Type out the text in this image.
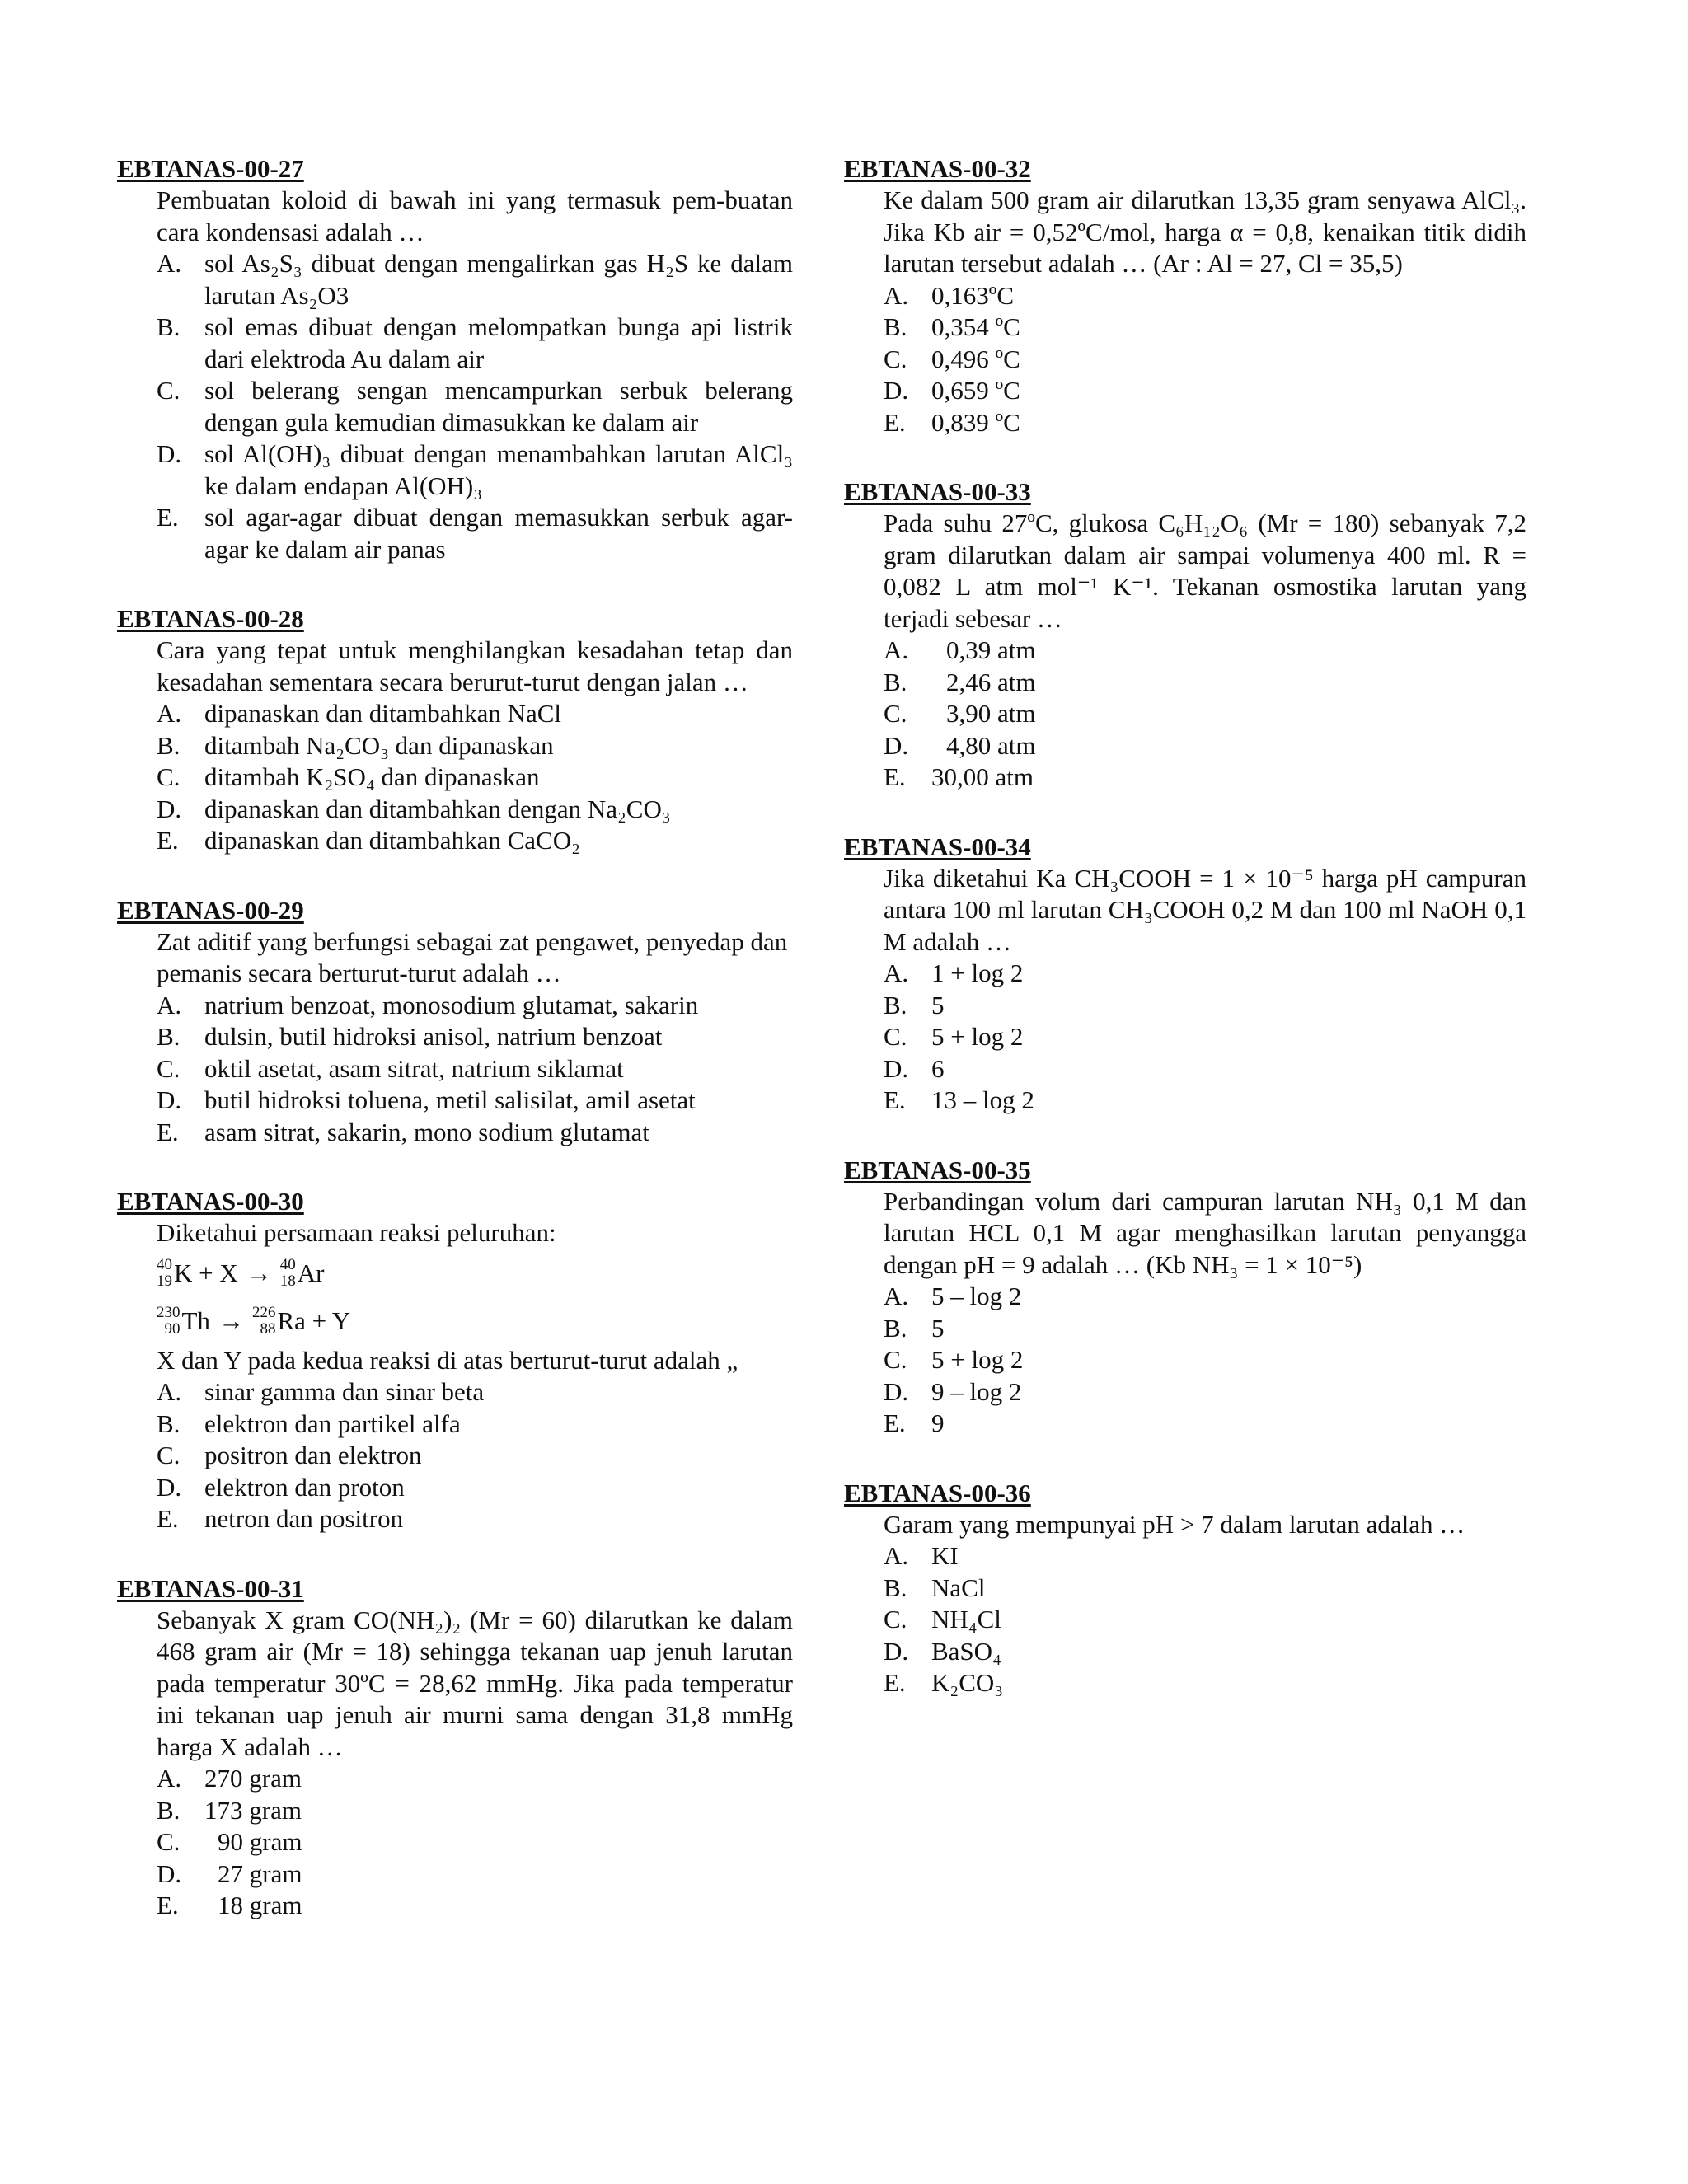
EBTANAS-00-27
Pembuatan koloid di bawah ini yang termasuk pem-buatan cara kondensasi adalah …
A. sol As₂S₃ dibuat dengan mengalirkan gas H₂S ke dalam larutan As₂O3
B. sol emas dibuat dengan melompatkan bunga api listrik dari elektroda Au dalam air
C. sol belerang sengan mencampurkan serbuk belerang dengan gula kemudian dimasukkan ke dalam air
D. sol Al(OH)₃ dibuat dengan menambahkan larutan AlCl₃ ke dalam endapan Al(OH)₃
E.	sol agar-agar dibuat dengan memasukkan serbuk agar-agar ke dalam air panas
EBTANAS-00-28
Cara yang tepat untuk menghilangkan kesadahan tetap dan kesadahan sementara secara berurut-turut dengan jalan …
A. dipanaskan dan ditambahkan NaCl
B. ditambah Na₂CO₃ dan dipanaskan
C. ditambah K₂SO₄ dan dipanaskan
D. dipanaskan dan ditambahkan dengan Na₂CO₃
E.	dipanaskan dan ditambahkan CaCO₂
EBTANAS-00-29
Zat aditif yang berfungsi sebagai zat pengawet, penyedap dan pemanis secara berturut-turut adalah …
A. natrium benzoat, monosodium glutamat, sakarin
B. dulsin, butil hidroksi anisol, natrium benzoat
C. oktil asetat, asam sitrat, natrium siklamat
D. butil hidroksi toluena, metil salisilat, amil asetat
E.	asam sitrat, sakarin, mono sodium glutamat
EBTANAS-00-30
Diketahui persamaan reaksi peluruhan:
40
19 K + X → 40
18 Ar
230
90 Th → 226
88 Ra + Y
X dan Y pada kedua reaksi di atas berturut-turut adalah „
A. sinar gamma dan sinar beta
B. elektron dan partikel alfa
C. positron dan elektron
D. elektron dan proton
E.	netron dan positron
EBTANAS-00-31
Sebanyak X gram CO(NH₂)₂ (Mr = 60) dilarutkan ke dalam 468 gram air (Mr = 18) sehingga tekanan uap jenuh larutan pada temperatur 30ºC = 28,62 mmHg. Jika pada temperatur ini tekanan uap jenuh air murni sama dengan 31,8 mmHg harga X adalah …
A. 270 gram
B. 173 gram
C.	90 gram
D.	27 gram
E.	18 gram
EBTANAS-00-32
Ke dalam 500 gram air dilarutkan 13,35 gram senyawa AlCl₃. Jika Kb air = 0,52ºC/mol, harga α = 0,8, kenaikan titik didih larutan tersebut adalah … (Ar : Al = 27, Cl = 35,5)
A. 0,163ºC
B. 0,354 ºC
C. 0,496 ºC
D. 0,659 ºC
E.	0,839 ºC
EBTANAS-00-33
Pada suhu 27ºC, glukosa C₆H₁₂O₆ (Mr = 180) sebanyak 7,2 gram dilarutkan dalam air sampai volumenya 400 ml. R = 0,082 L atm mol⁻¹ K⁻¹. Tekanan osmostika larutan yang terjadi sebesar …
A.	0,39 atm
B.	2,46 atm
C.	3,90 atm
D.	4,80 atm
E.	30,00 atm
EBTANAS-00-34
Jika diketahui Ka CH₃COOH = 1 × 10⁻⁵ harga pH campuran antara 100 ml larutan CH₃COOH 0,2 M dan 100 ml NaOH 0,1 M adalah …
A. 1 + log 2
B. 5
C. 5 + log 2
D. 6
E.	13 – log 2
EBTANAS-00-35
Perbandingan volum dari campuran larutan NH₃ 0,1 M dan larutan HCL 0,1 M agar menghasilkan larutan penyangga dengan pH = 9 adalah … (Kb NH₃ = 1 × 10⁻⁵)
A. 5 – log 2
B. 5
C. 5 + log 2
D. 9 – log 2
E.	9
EBTANAS-00-36
Garam yang mempunyai pH > 7 dalam larutan adalah …
A. KI
B. NaCl
C. NH₄Cl
D. BaSO₄
E.	K₂CO₃
